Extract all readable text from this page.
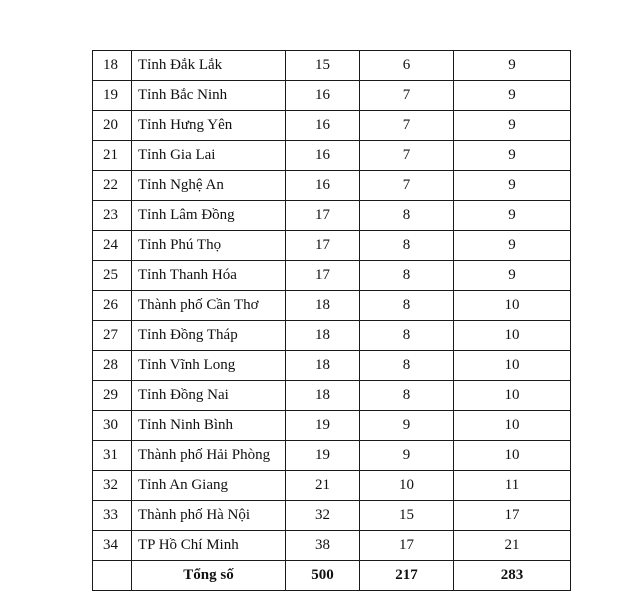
18	Tỉnh Đắk Lắk	15	6	9
19	Tỉnh Bắc Ninh	16	7	9
20	Tỉnh Hưng Yên	16	7	9
21	Tỉnh Gia Lai	16	7	9
22	Tỉnh Nghệ An	16	7	9
23	Tỉnh Lâm Đồng	17	8	9
24	Tỉnh Phú Thọ	17	8	9
25	Tỉnh Thanh Hóa	17	8	9
26	Thành phố Cần Thơ	18	8	10
27	Tỉnh Đồng Tháp	18	8	10
28	Tỉnh Vĩnh Long	18	8	10
29	Tỉnh Đồng Nai	18	8	10
30	Tỉnh Ninh Bình	19	9	10
31	Thành phố Hải Phòng	19	9	10
32	Tỉnh An Giang	21	10	11
33	Thành phố Hà Nội	32	15	17
34	TP Hồ Chí Minh	38	17	21
	Tổng số	500	217	283
